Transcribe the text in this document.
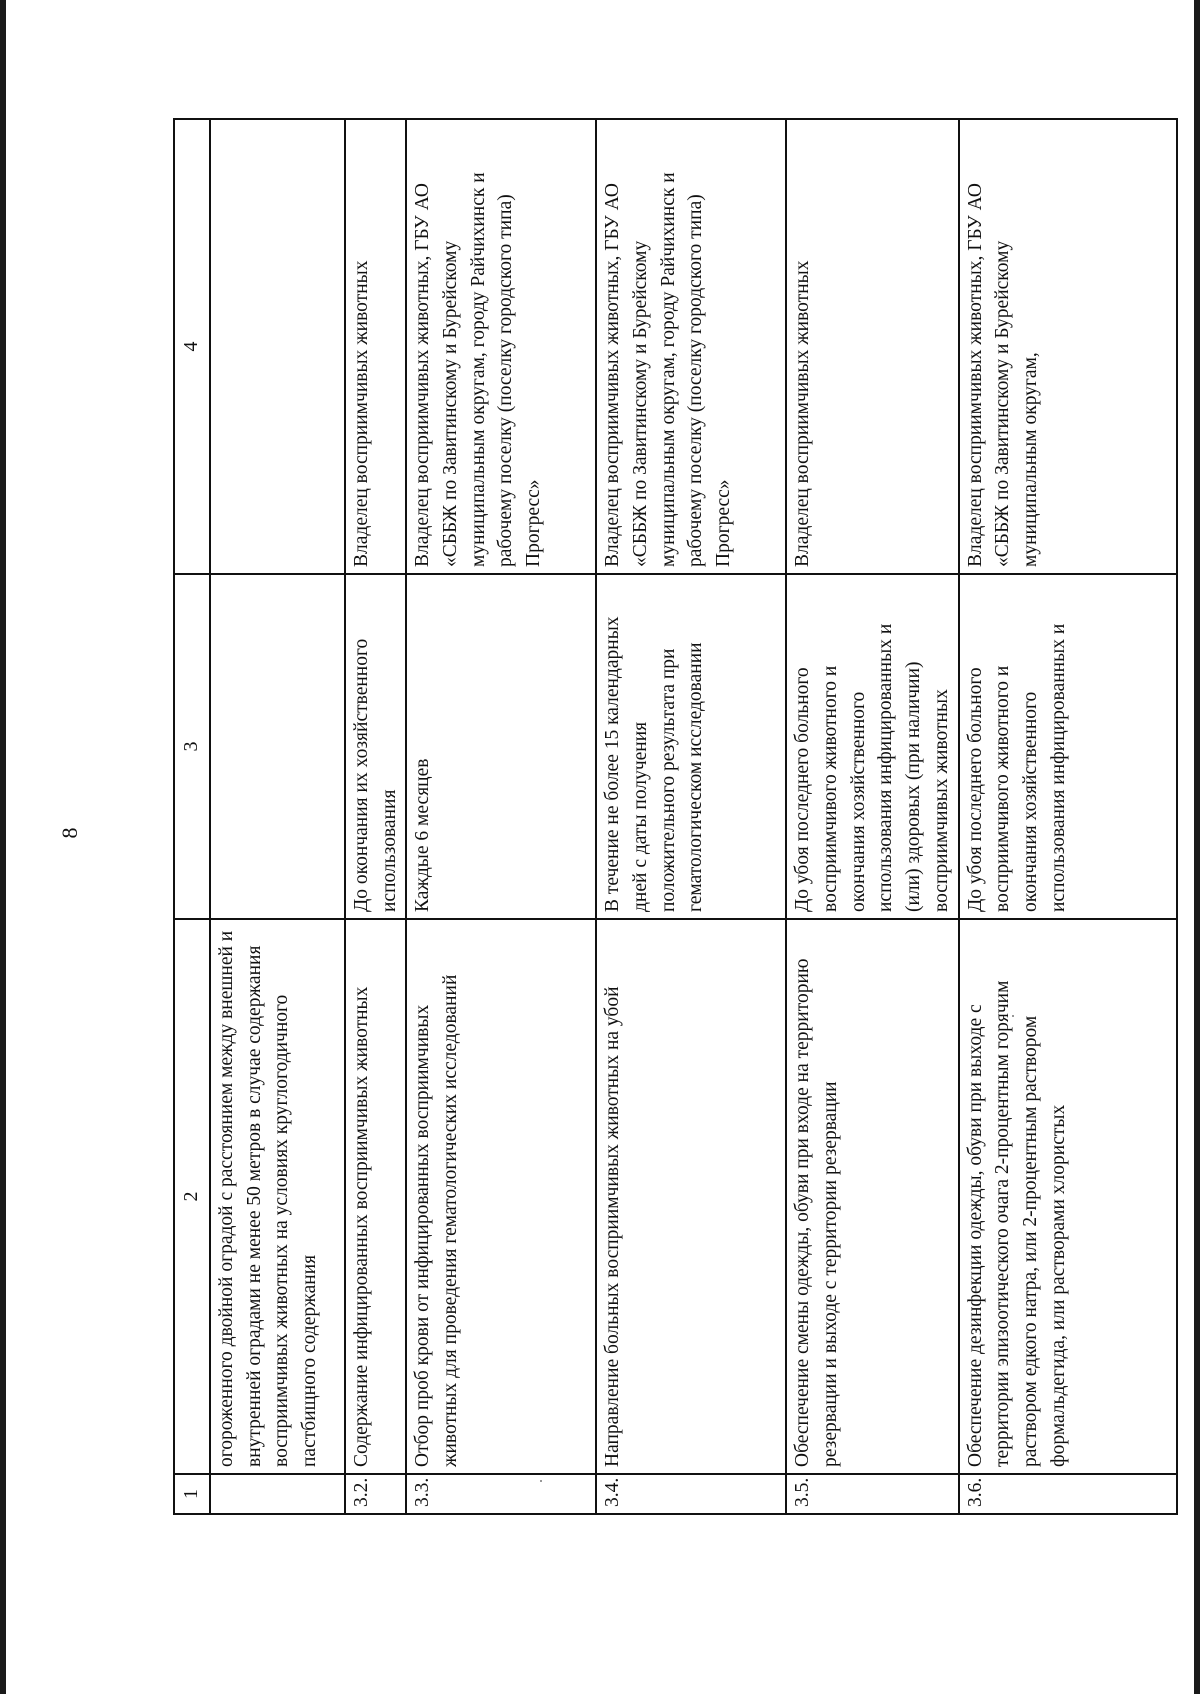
8
1	2	3	4
	огороженного двойной оградой с расстоянием между внешней и внутренней оградами не менее 50 метров в случае содержания восприимчивых животных на условиях круглогодичного пастбищного содержания		
3.2.	Содержание инфицированных восприимчивых животных	До окончания их хозяйственного использования	Владелец восприимчивых животных
3.3.	Отбор проб крови от инфицированных восприимчивых животных для проведения гематологических исследований	Каждые 6 месяцев	Владелец восприимчивых животных, ГБУ АО «СББЖ по Завитинскому и Бурейскому муниципальным округам, городу Райчихинск и рабочему поселку (поселку городского типа) Прогресс»
3.4.	Направление больных восприимчивых животных на убой	В течение не более 15 календарных дней с даты получения положительного результата при гематологическом исследовании	Владелец восприимчивых животных, ГБУ АО «СББЖ по Завитинскому и Бурейскому муниципальным округам, городу Райчихинск и рабочему поселку (поселку городского типа) Прогресс»
3.5.	Обеспечение смены одежды, обуви при входе на территорию резервации и выходе с территории резервации	До убоя последнего больного восприимчивого животного и окончания хозяйственного использования инфицированных и (или) здоровых (при наличии) восприимчивых животных	Владелец восприимчивых животных
3.6.	Обеспечение дезинфекции одежды, обуви при выходе с территории эпизоотического очага 2-процентным горячим раствором едкого натра, или 2-процентным раствором формальдегида, или растворами хлористых	До убоя последнего больного восприимчивого животного и окончания хозяйственного использования инфицированных и	Владелец восприимчивых животных, ГБУ АО «СББЖ по Завитинскому и Бурейскому муниципальным округам,
